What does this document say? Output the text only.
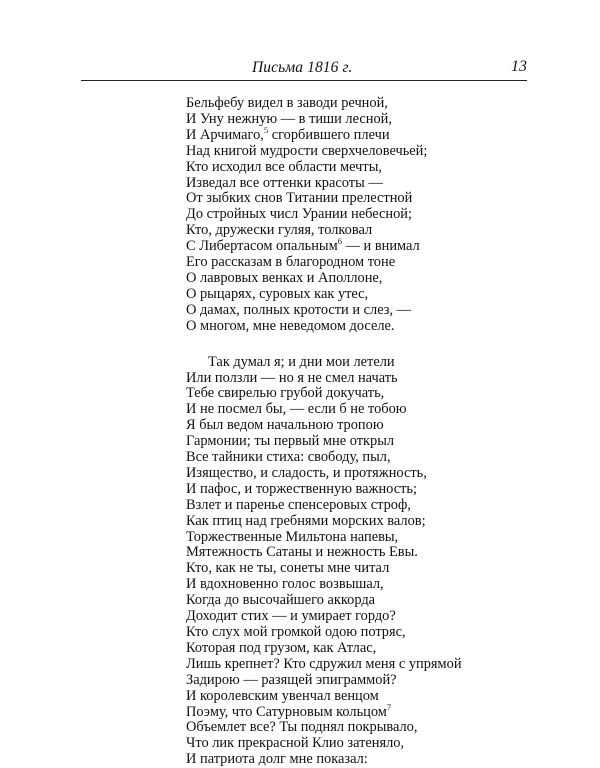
Письма 1816 г.	13
Бельфебу видел в заводи речной,
И Уну нежную — в тиши лесной,
И Арчимаго,$^5$ сгорбившего плечи
Над книгой мудрости сверхчеловечьей;
Кто исходил все области мечты,
Изведал все оттенки красоты —
От зыбких снов Титании прелестной
До стройных числ Урании небесной;
Кто, дружески гуляя, толковал
С Либертасом опальным$^6$ — и внимал
Его рассказам в благородном тоне
О лавровых венках и Аполлоне,
О рыцарях, суровых как утес,
О дамах, полных кротости и слез, —
О многом, мне неведомом доселе.
Так думал я; и дни мои летели
Или ползли — но я не смел начать
Тебе свирелью грубой докучать,
И не посмел бы, — если б не тобою
Я был ведом начальною тропою
Гармонии; ты первый мне открыл
Все тайники стиха: свободу, пыл,
Изящество, и сладость, и протяжность,
И пафос, и торжественную важность;
Взлет и паренье спенсеровых строф,
Как птиц над гребнями морских валов;
Торжественные Мильтона напевы,
Мятежность Сатаны и нежность Евы.
Кто, как не ты, сонеты мне читал
И вдохновенно голос возвышал,
Когда до высочайшего аккорда
Доходит стих — и умирает гордо?
Кто слух мой громкой одою потряс,
Которая под грузом, как Атлас,
Лишь крепнет? Кто сдружил меня с упрямой
Задирою — разящей эпиграммой?
И королевским увенчал венцом
Поэму, что Сатурновым кольцом$^7$
Объемлет все? Ты поднял покрывало,
Что лик прекрасной Клио затеняло,
И патриота долг мне показал:
